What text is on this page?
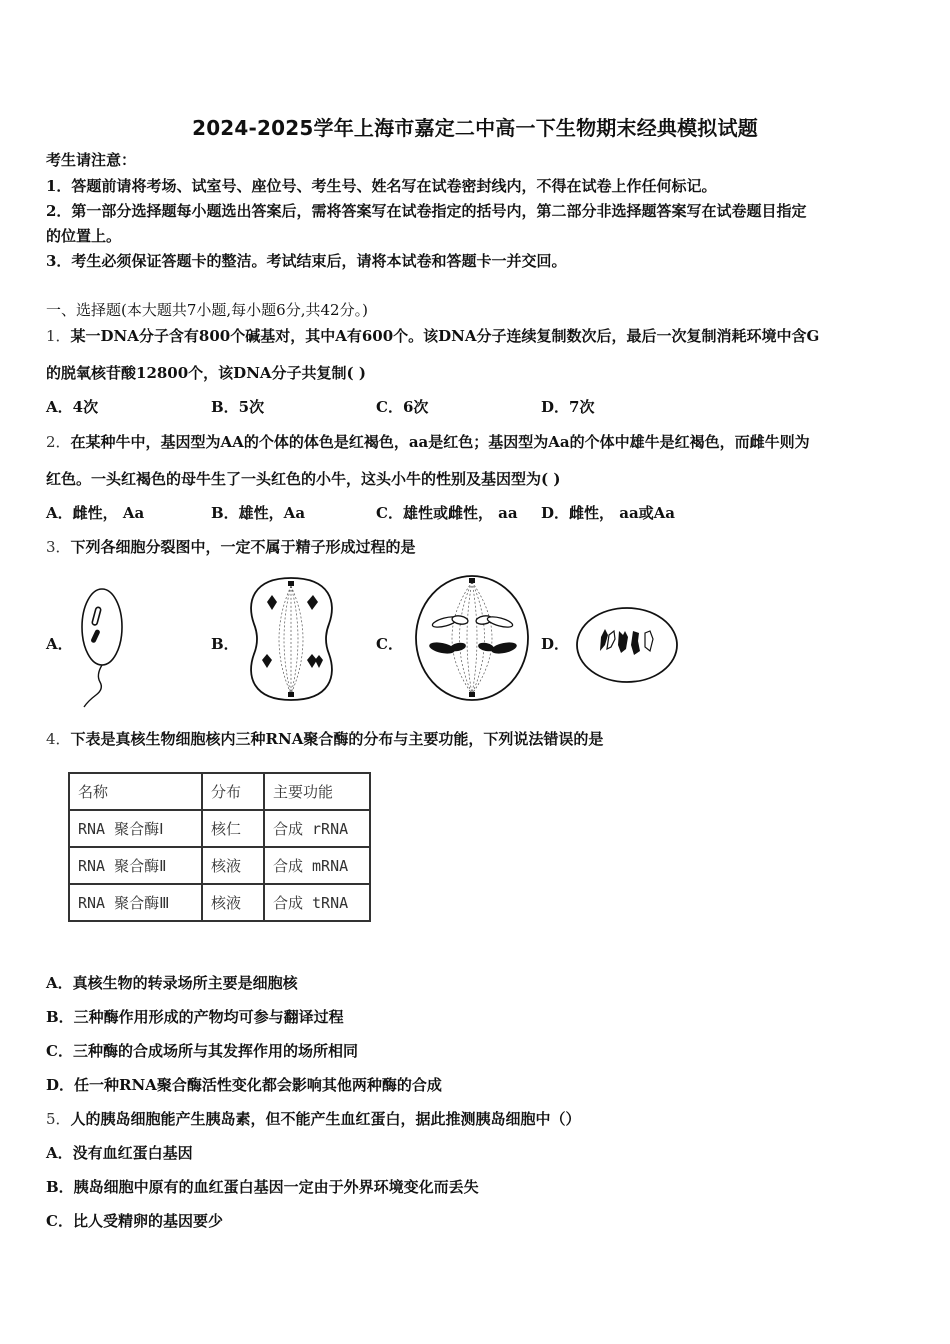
2024-2025学年上海市嘉定二中高一下生物期末经典模拟试题
考生请注意：
1．答题前请将考场、试室号、座位号、考生号、姓名写在试卷密封线内，不得在试卷上作任何标记。
2．第一部分选择题每小题选出答案后，需将答案写在试卷指定的括号内，第二部分非选择题答案写在试卷题目指定
的位置上。
3．考生必须保证答题卡的整洁。考试结束后，请将本试卷和答题卡一并交回。
一、选择题(本大题共7小题,每小题6分,共42分。)
1．某一DNA分子含有800个碱基对，其中A有600个。该DNA分子连续复制数次后，最后一次复制消耗环境中含G
的脱氧核苷酸12800个，该DNA分子共复制( )
A．4次	B．5次	C．6次	D．7次
2．在某种牛中，基因型为AA的个体的体色是红褐色，aa是红色；基因型为Aa的个体中雄牛是红褐色，而雌牛则为
红色。一头红褐色的母牛生了一头红色的小牛，这头小牛的性别及基因型为( )
A．雌性， Aa	B．雄性，Aa	C．雄性或雌性， aa D．雌性， aa或Aa
3．下列各细胞分裂图中，一定不属于精子形成过程的是
A．	B．	C．	D．
4．下表是真核生物细胞核内三种RNA聚合酶的分布与主要功能，下列说法错误的是
名称	分布	主要功能
RNA 聚合酶Ⅰ	核仁	合成 rRNA
RNA 聚合酶Ⅱ	核液	合成 mRNA
RNA 聚合酶Ⅲ	核液	合成 tRNA
A．真核生物的转录场所主要是细胞核
B．三种酶作用形成的产物均可参与翻译过程
C．三种酶的合成场所与其发挥作用的场所相同
D．任一种RNA聚合酶活性变化都会影响其他两种酶的合成
5．人的胰岛细胞能产生胰岛素，但不能产生血红蛋白，据此推测胰岛细胞中（）
A．没有血红蛋白基因
B．胰岛细胞中原有的血红蛋白基因一定由于外界环境变化而丢失
C．比人受精卵的基因要少
